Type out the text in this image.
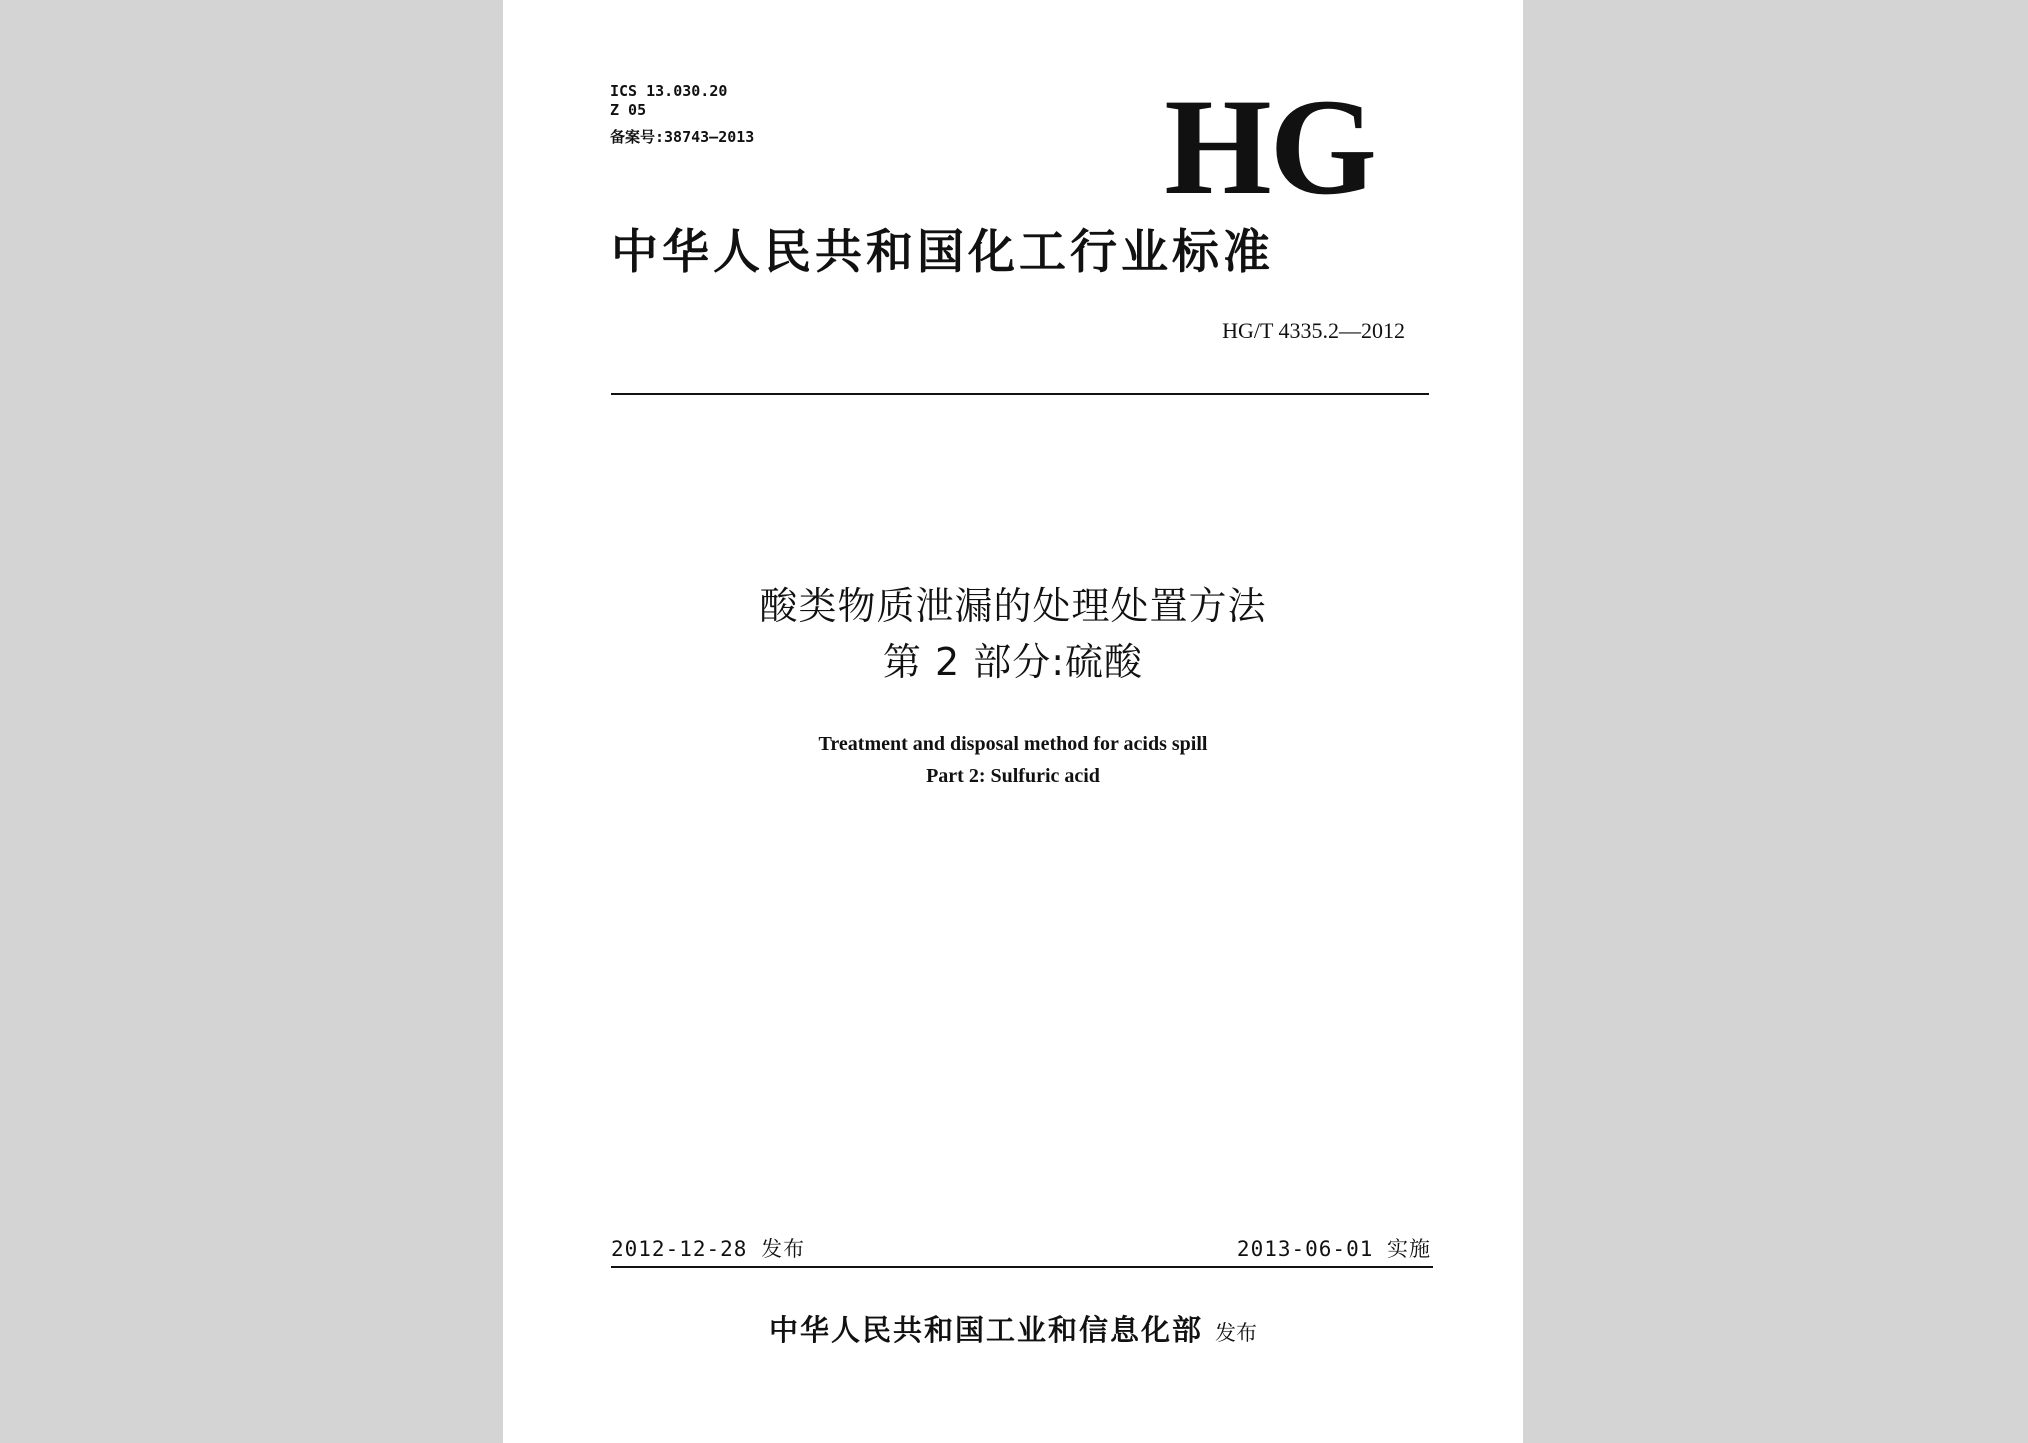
ICS 13.030.20
Z 05
备案号:38743—2013	HG
中华人民共和国化工行业标准
HG/T 4335.2—2012
酸类物质泄漏的处理处置方法
第 2 部分:硫酸
Treatment and disposal method for acids spill
Part 2: Sulfuric acid
2012-12-28 发布	2013-06-01 实施
中华人民共和国工业和信息化部 发布
